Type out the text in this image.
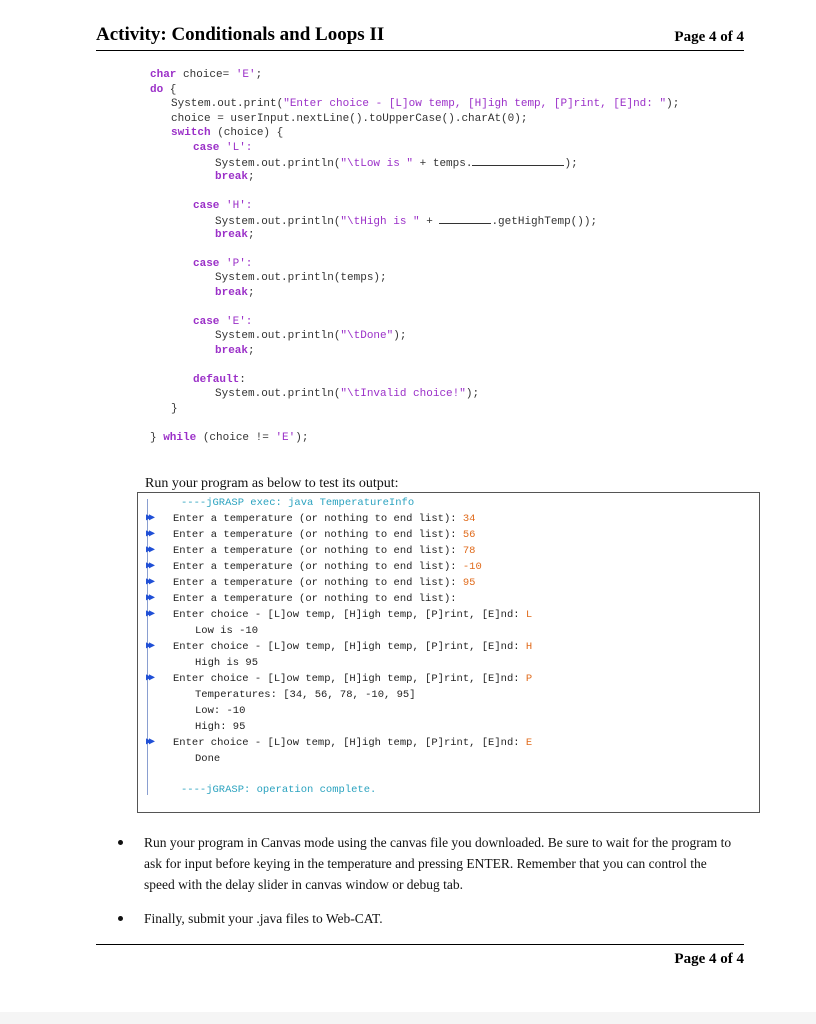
Activity: Conditionals and Loops II	Page 4 of 4
char choice= 'E';
do {
System.out.print("Enter choice - [L]ow temp, [H]igh temp, [P]rint, [E]nd: ");
choice = userInput.nextLine().toUpperCase().charAt(0);
switch (choice) {
case 'L':
System.out.println("\tLow is " + temps.	);
break;

case 'H':
System.out.println("\tHigh is " +	.getHighTemp());
break;

case 'P':
System.out.println(temps);
break;

case 'E':
System.out.println("\tDone");
break;

default:
System.out.println("\tInvalid choice!");
}

} while (choice != 'E');
Run your program as below to test its output:
----jGRASP exec: java TemperatureInfo
▶▶ Enter a temperature (or nothing to end list): 34
▶▶ Enter a temperature (or nothing to end list): 56
▶▶ Enter a temperature (or nothing to end list): 78
▶▶ Enter a temperature (or nothing to end list): -10
▶▶ Enter a temperature (or nothing to end list): 95
▶▶ Enter a temperature (or nothing to end list):
▶▶ Enter choice - [L]ow temp, [H]igh temp, [P]rint, [E]nd: L
Low is -10
▶▶ Enter choice - [L]ow temp, [H]igh temp, [P]rint, [E]nd: H
High is 95
▶▶ Enter choice - [L]ow temp, [H]igh temp, [P]rint, [E]nd: P
Temperatures: [34, 56, 78, -10, 95]
Low: -10
High: 95
▶▶ Enter choice - [L]ow temp, [H]igh temp, [P]rint, [E]nd: E
Done
----jGRASP: operation complete.
Run your program in Canvas mode using the canvas file you downloaded. Be sure to wait for the program to ask for input before keying in the temperature and pressing ENTER. Remember that you can control the speed with the delay slider in canvas window or debug tab.
Finally, submit your .java files to Web-CAT.
Page 4 of 4
